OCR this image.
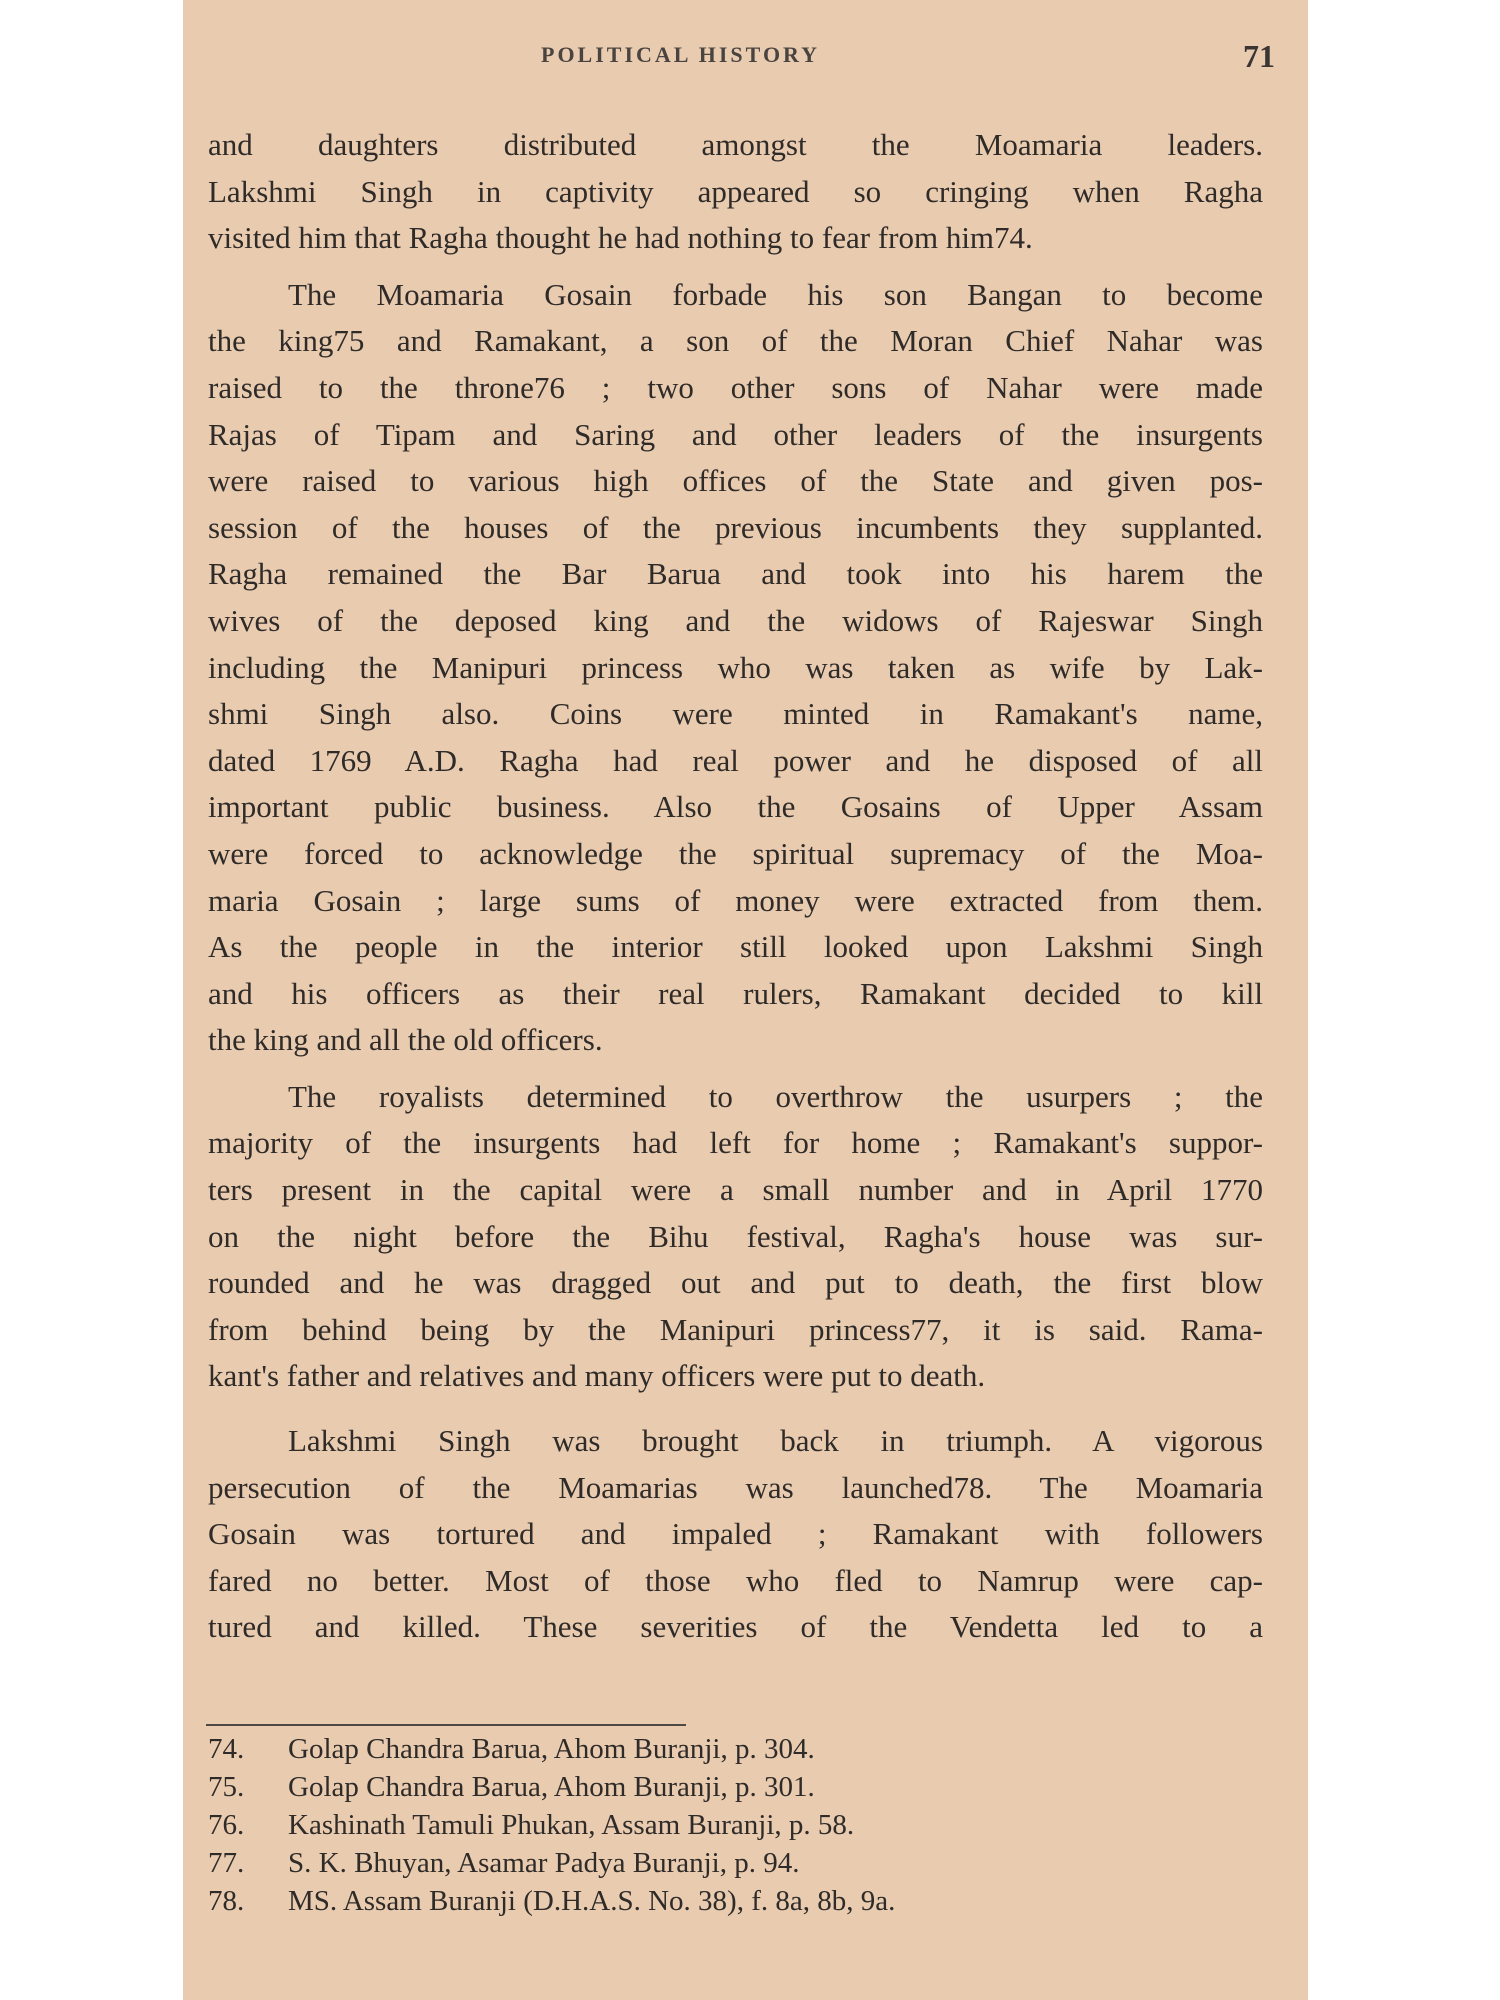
POLITICAL HISTORY	71

and daughters distributed amongst the Moamaria leaders.

Lakshmi Singh in captivity appeared so cringing when Ragha

visited him that Ragha thought he had nothing to fear from him74.

The Moamaria Gosain forbade his son Bangan to become

the king75 and Ramakant, a son of the Moran Chief Nahar was

raised to the throne76 ; two other sons of Nahar were made

Rajas of Tipam and Saring and other leaders of the insurgents

were raised to various high offices of the State and given pos-

session of the houses of the previous incumbents they supplanted.

Ragha remained the Bar Barua and took into his harem the

wives of the deposed king and the widows of Rajeswar Singh

including the Manipuri princess who was taken as wife by Lak-

shmi Singh also. Coins were minted in Ramakant's name,

dated 1769 A.D. Ragha had real power and he disposed of all

important public business. Also the Gosains of Upper Assam

were forced to acknowledge the spiritual supremacy of the Moa-

maria Gosain ; large sums of money were extracted from them.

As the people in the interior still looked upon Lakshmi Singh

and his officers as their real rulers, Ramakant decided to kill

the king and all the old officers.

The royalists determined to overthrow the usurpers ; the

majority of the insurgents had left for home ; Ramakant's suppor-

ters present in the capital were a small number and in April 1770

on the night before the Bihu festival, Ragha's house was sur-

rounded and he was dragged out and put to death, the first blow

from behind being by the Manipuri princess77, it is said. Rama-

kant's father and relatives and many officers were put to death.

Lakshmi Singh was brought back in triumph. A vigorous

persecution of the Moamarias was launched78. The Moamaria

Gosain was tortured and impaled ; Ramakant with followers

fared no better. Most of those who fled to Namrup were cap-

tured and killed. These severities of the Vendetta led to a

74.	Golap Chandra Barua, Ahom Buranji, p. 304.
75.	Golap Chandra Barua, Ahom Buranji, p. 301.
76.	Kashinath Tamuli Phukan, Assam Buranji, p. 58.
77.	S. K. Bhuyan, Asamar Padya Buranji, p. 94.
78.	MS. Assam Buranji (D.H.A.S. No. 38), f. 8a, 8b, 9a.
